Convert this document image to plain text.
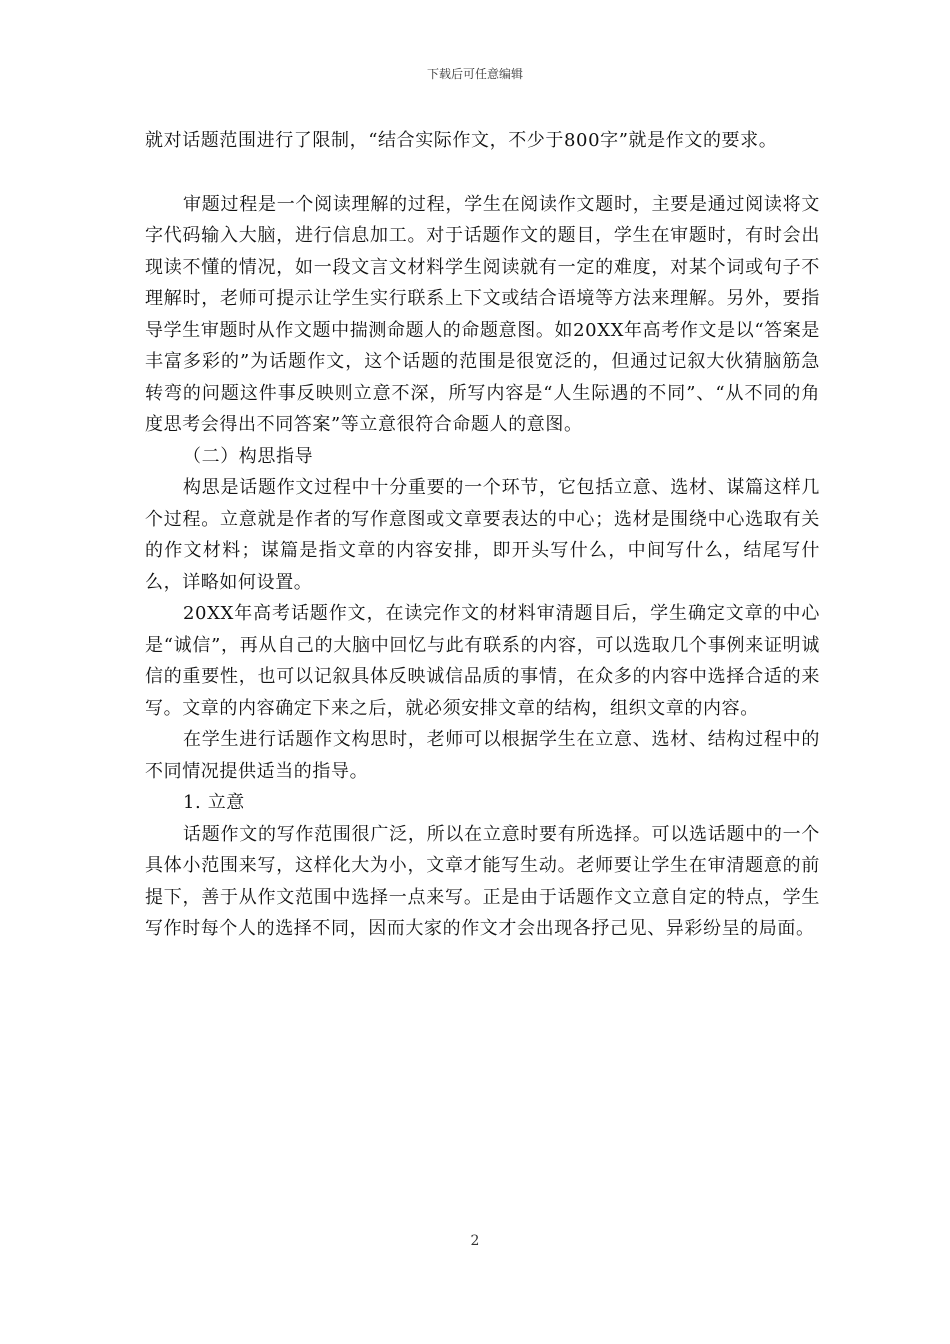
下载后可任意编辑

就对话题范围进行了限制，“结合实际作文，不少于800字”就是作文的要求。

审题过程是一个阅读理解的过程，学生在阅读作文题时，主要是通过阅读将文字代码输入大脑，进行信息加工。对于话题作文的题目，学生在审题时，有时会出现读不懂的情况，如一段文言文材料学生阅读就有一定的难度，对某个词或句子不理解时，老师可提示让学生实行联系上下文或结合语境等方法来理解。另外，要指导学生审题时从作文题中揣测命题人的命题意图。如20XX年高考作文是以“答案是丰富多彩的”为话题作文，这个话题的范围是很宽泛的，但通过记叙大伙猜脑筋急转弯的问题这件事反映则立意不深，所写内容是“人生际遇的不同”、“从不同的角度思考会得出不同答案”等立意很符合命题人的意图。

（二）构思指导

构思是话题作文过程中十分重要的一个环节，它包括立意、选材、谋篇这样几个过程。立意就是作者的写作意图或文章要表达的中心；选材是围绕中心选取有关的作文材料；谋篇是指文章的内容安排，即开头写什么，中间写什么，结尾写什么，详略如何设置。

20XX年高考话题作文，在读完作文的材料审清题目后，学生确定文章的中心是“诚信”，再从自己的大脑中回忆与此有联系的内容，可以选取几个事例来证明诚信的重要性，也可以记叙具体反映诚信品质的事情，在众多的内容中选择合适的来写。文章的内容确定下来之后，就必须安排文章的结构，组织文章的内容。

在学生进行话题作文构思时，老师可以根据学生在立意、选材、结构过程中的不同情况提供适当的指导。

1. 立意

话题作文的写作范围很广泛，所以在立意时要有所选择。可以选话题中的一个具体小范围来写，这样化大为小，文章才能写生动。老师要让学生在审清题意的前提下，善于从作文范围中选择一点来写。正是由于话题作文立意自定的特点，学生写作时每个人的选择不同，因而大家的作文才会出现各抒己见、异彩纷呈的局面。

2
